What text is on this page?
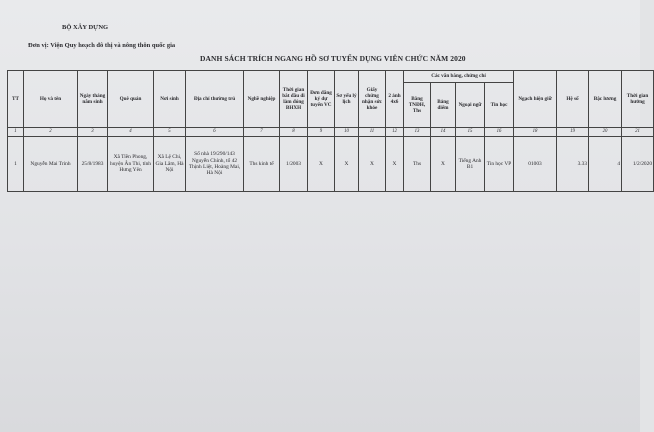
BỘ XÂY DỰNG
Đơn vị: Viện Quy hoạch đô thị và nông thôn quốc gia
DANH SÁCH TRÍCH NGANG HỒ SƠ TUYỂN DỤNG VIÊN CHỨC NĂM 2020
TT	Họ và tên	Ngày tháng năm sinh	Quê quán	Nơi sinh	Địa chỉ thường trú	Nghề nghiệp	Thời gian bắt đầu đi làm đóng BHXH	Đơn đăng ký dự tuyển VC	Sơ yếu lý lịch	Giấy chứng nhận sức khỏe	2 ảnh 4x6	Các văn bằng, chứng chỉ				Ngạch hiện giữ	Hệ số	Bậc lương	Thời gian hưởng
												Bằng TNĐH, Ths	Bảng điểm	Ngoại ngữ	Tin học				
1	2	3	4	5	6	7	8	9	10	11	12	13	14	15	16	18	19	20	21
1	Nguyễn Mai Trinh	25/8/1983	Xã Tiền Phong, huyện Ân Thi, tỉnh Hưng Yên	Xã Lệ Chi, Gia Lâm, Hà Nội	Số nhà 19/290/143 Nguyễn Chính, tổ 42 Thịnh Liệt, Hoàng Mai, Hà Nội	Ths kinh tế	1/2003	X	X	X	X	Ths	X	Tiếng Anh B1	Tin học VP	01003	3.33	4	1/2/2020
